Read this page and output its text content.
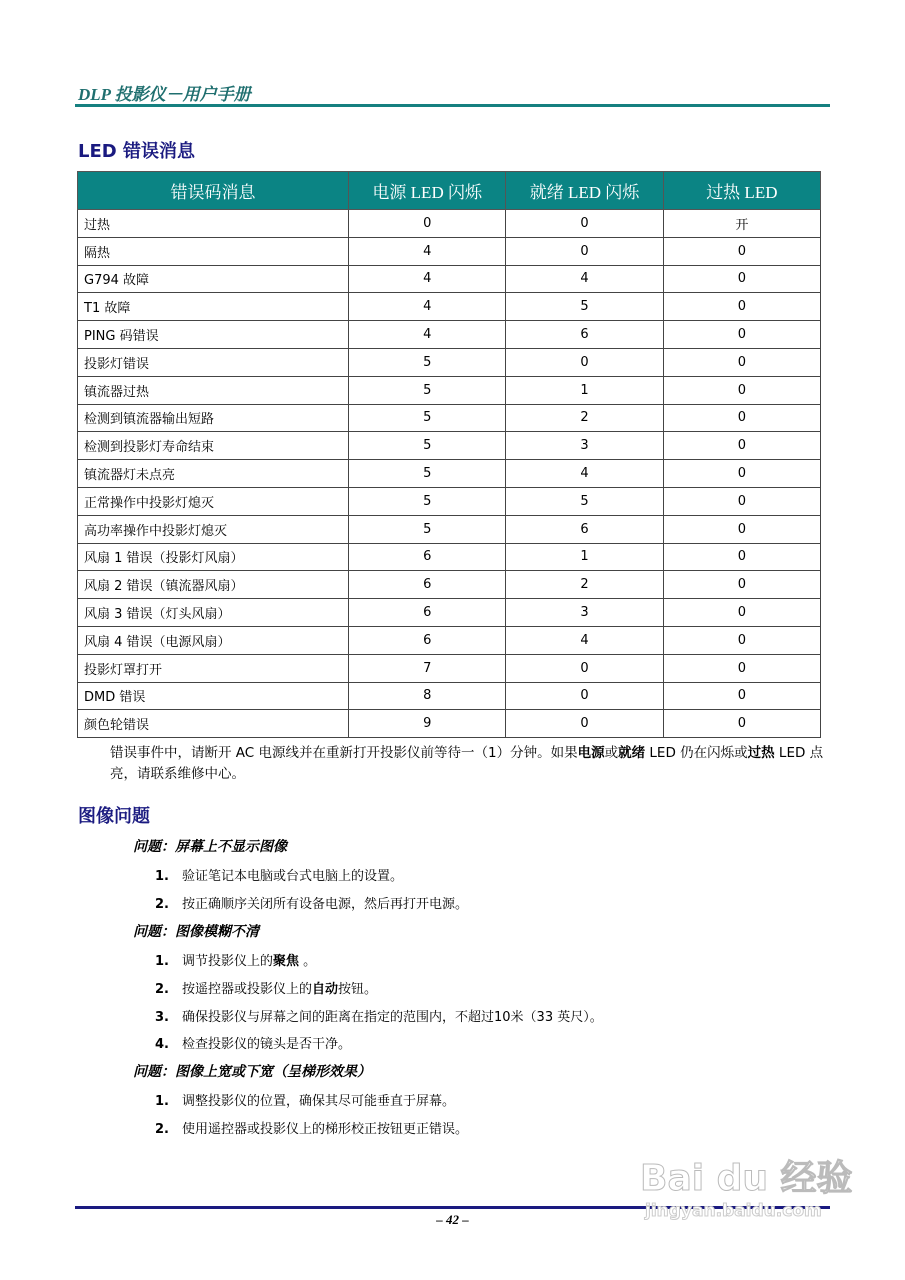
DLP 投影仪－用户手册
LED 错误消息
错误码消息	电源 LED 闪烁	就绪 LED 闪烁	过热 LED
过热	0	0	开
隔热	4	0	0
G794 故障	4	4	0
T1 故障	4	5	0
PING 码错误	4	6	0
投影灯错误	5	0	0
镇流器过热	5	1	0
检测到镇流器输出短路	5	2	0
检测到投影灯寿命结束	5	3	0
镇流器灯未点亮	5	4	0
正常操作中投影灯熄灭	5	5	0
高功率操作中投影灯熄灭	5	6	0
风扇 1 错误（投影灯风扇）	6	1	0
风扇 2 错误（镇流器风扇）	6	2	0
风扇 3 错误（灯头风扇）	6	3	0
风扇 4 错误（电源风扇）	6	4	0
投影灯罩打开	7	0	0
DMD 错误	8	0	0
颜色轮错误	9	0	0
错误事件中，请断开 AC 电源线并在重新打开投影仪前等待一（1）分钟。如果电源或就绪 LED 仍在闪烁或过热 LED 点亮，请联系维修中心。
图像问题
问题：屏幕上不显示图像
1. 验证笔记本电脑或台式电脑上的设置。
2. 按正确顺序关闭所有设备电源，然后再打开电源。
问题：图像模糊不清
1. 调节投影仪上的聚焦 。
2. 按遥控器或投影仪上的自动按钮。
3. 确保投影仪与屏幕之间的距离在指定的范围内，不超过10米（33 英尺）。
4. 检查投影仪的镜头是否干净。
问题：图像上宽或下宽（呈梯形效果）
1. 调整投影仪的位置，确保其尽可能垂直于屏幕。
2. 使用遥控器或投影仪上的梯形校正按钮更正错误。
– 42 –
Bai du 经验
jingyan.baidu.com
